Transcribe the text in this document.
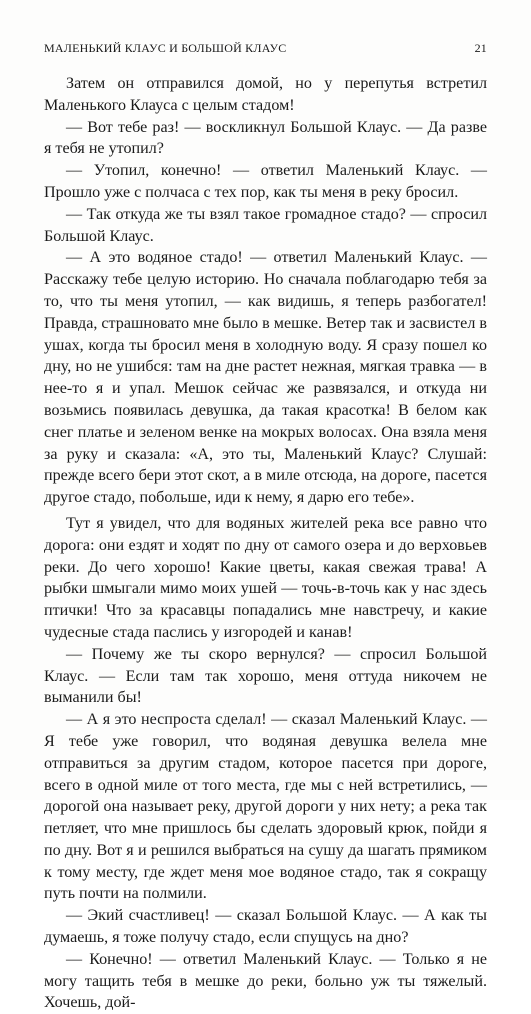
МАЛЕНЬКИЙ КЛАУС И БОЛЬШОЙ КЛАУС	21

Затем он отправился домой, но у перепутья встретил Маленького Клауса с целым стадом!

— Вот тебе раз! — воскликнул Большой Клаус. — Да разве я тебя не утопил?

— Утопил, конечно! — ответил Маленький Клаус. — Прошло уже с полчаса с тех пор, как ты меня в реку бросил.

— Так откуда же ты взял такое громадное стадо? — спросил Большой Клаус.

— А это водяное стадо! — ответил Маленький Клаус. — Расскажу тебе целую историю. Но сначала поблагодарю тебя за то, что ты меня утопил, — как видишь, я теперь разбогател! Правда, страшновато мне было в мешке. Ветер так и засвистел в ушах, когда ты бросил меня в холодную воду. Я сразу пошел ко дну, но не ушибся: там на дне растет нежная, мягкая травка — в нее-то я и упал. Мешок сейчас же развязался, и откуда ни возьмись появилась девушка, да такая красотка! В белом как снег платье и зеленом венке на мокрых волосах. Она взяла меня за руку и сказала: «А, это ты, Маленький Клаус? Слушай: прежде всего бери этот скот, а в миле отсюда, на дороге, пасется другое стадо, побольше, иди к нему, я дарю его тебе».

Тут я увидел, что для водяных жителей река все равно что дорога: они ездят и ходят по дну от самого озера и до верховьев реки. До чего хорошо! Какие цветы, какая свежая трава! А рыбки шмыгали мимо моих ушей — точь-в-точь как у нас здесь птички! Что за красавцы попадались мне навстречу, и какие чудесные стада паслись у изгородей и канав!

— Почему же ты скоро вернулся? — спросил Большой Клаус. — Если там так хорошо, меня оттуда никочем не выманили бы!

— А я это неспроста сделал! — сказал Маленький Клаус. — Я тебе уже говорил, что водяная девушка велела мне отправиться за другим стадом, которое пасется при дороге, всего в одной миле от того места, где мы с ней встретились, — дорогой она называет реку, другой дороги у них нету; а река так петляет, что мне пришлось бы сделать здоровый крюк, пойди я по дну. Вот я и решился выбраться на сушу да шагать прямиком к тому месту, где ждет меня мое водяное стадо, так я сокращу путь почти на полмили.

— Экий счастливец! — сказал Большой Клаус. — А как ты думаешь, я тоже получу стадо, если спущусь на дно?

— Конечно! — ответил Маленький Клаус. — Только я не могу тащить тебя в мешке до реки, больно уж ты тяжелый. Хочешь, дой-
